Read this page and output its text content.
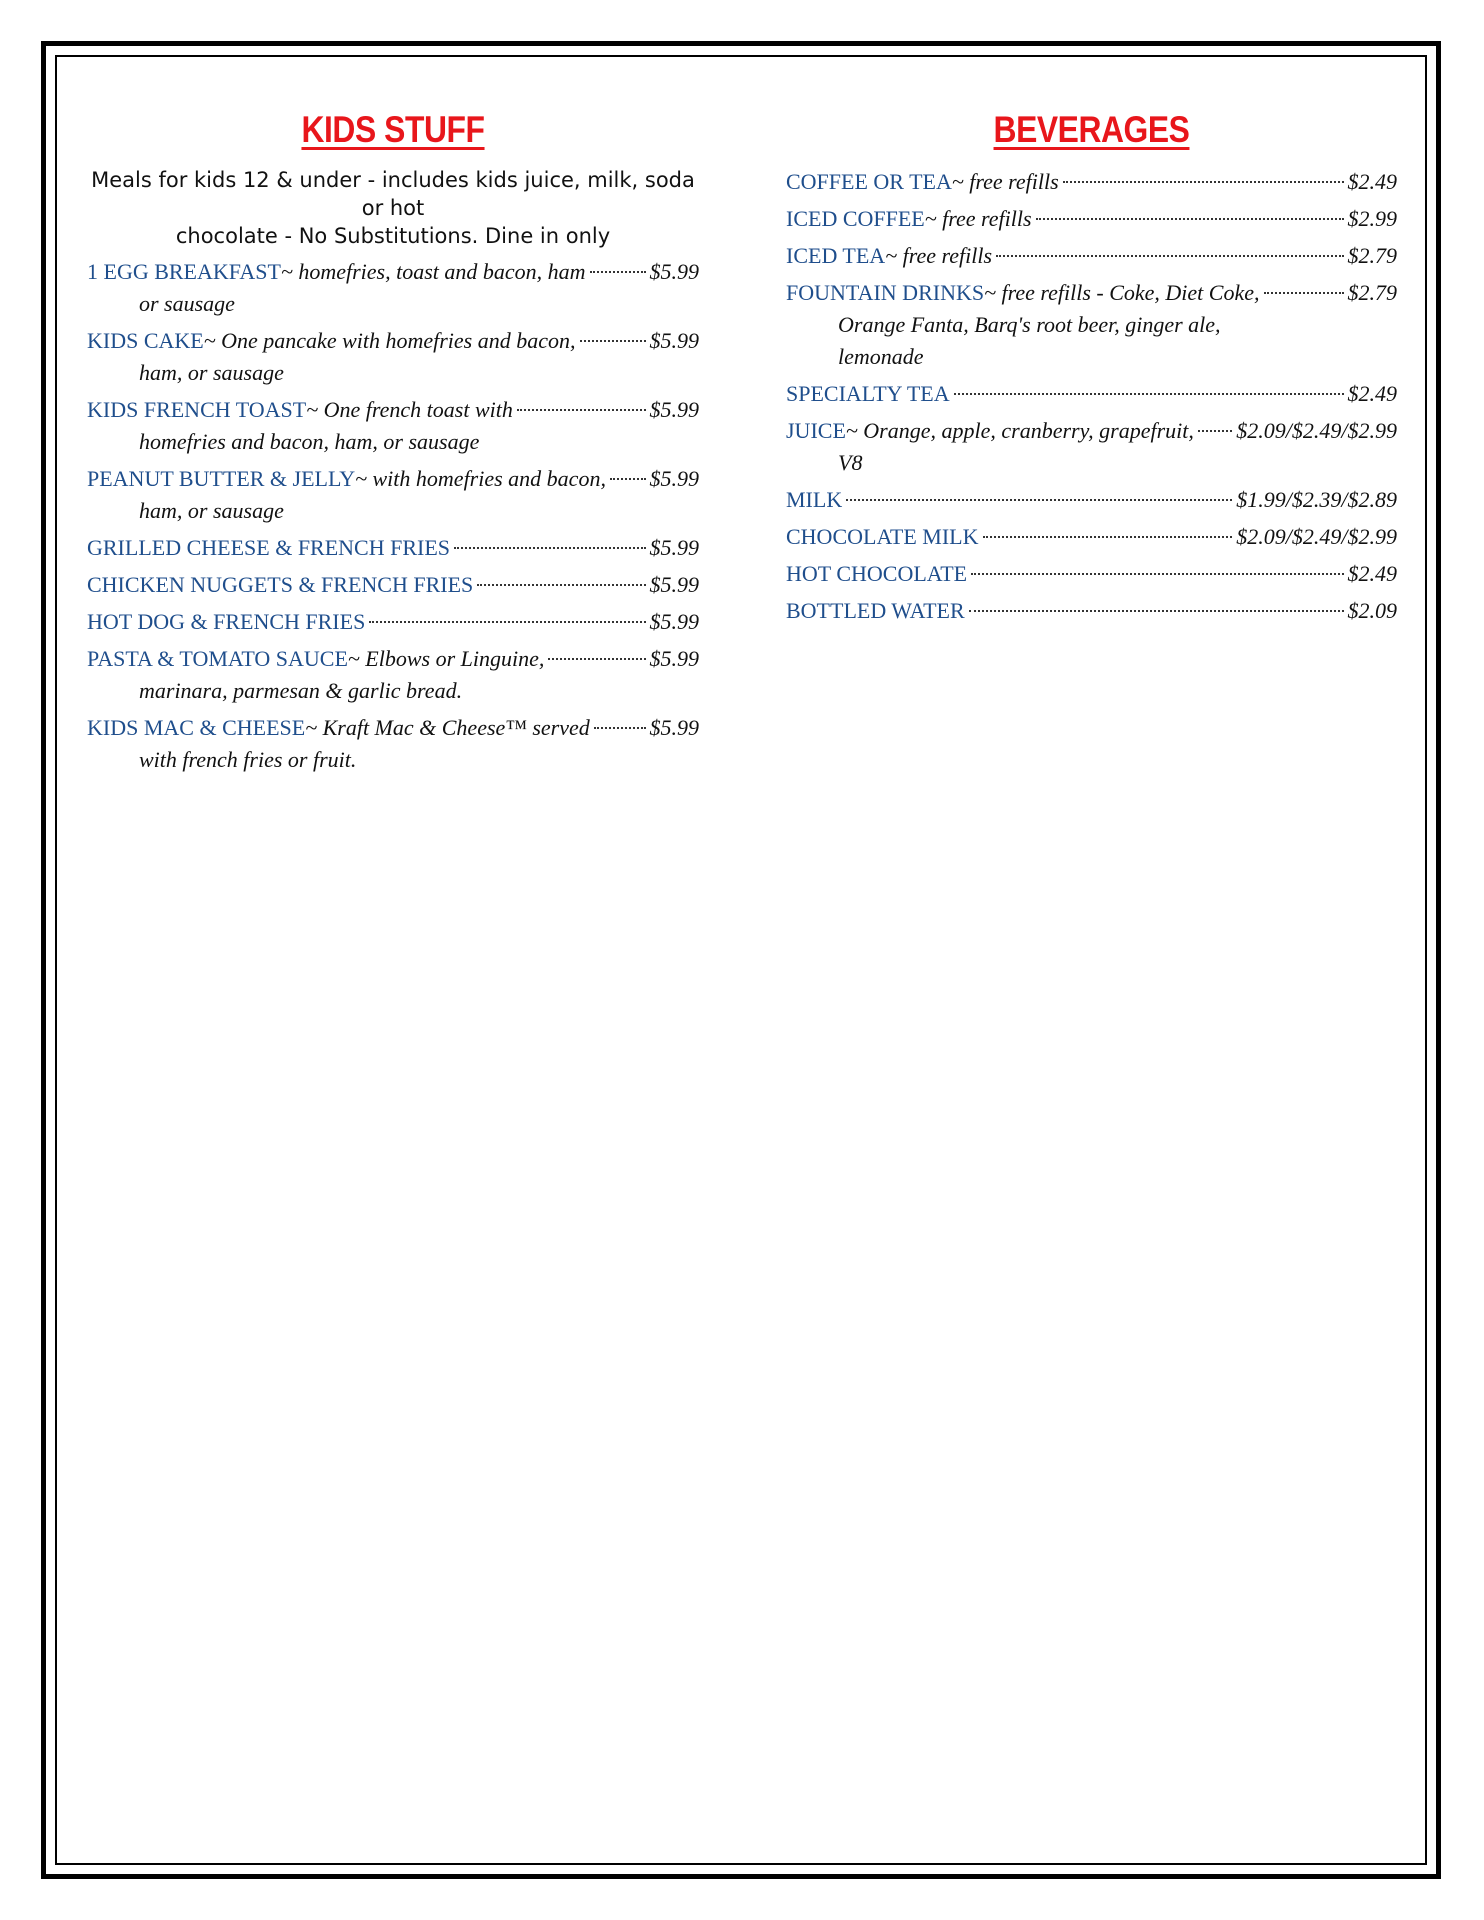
KIDS STUFF
Meals for kids 12 & under - includes kids juice, milk, soda or hot
chocolate - No Substitutions. Dine in only
1 EGG BREAKFAST ~ homefries, toast and bacon, ham	$5.99
or sausage
KIDS CAKE ~ One pancake with homefries and bacon,	$5.99
ham, or sausage
KIDS FRENCH TOAST ~ One french toast with	$5.99
homefries and bacon, ham, or sausage
PEANUT BUTTER & JELLY ~ with homefries and bacon, $5.99
ham, or sausage
GRILLED CHEESE & FRENCH FRIES	$5.99
CHICKEN NUGGETS & FRENCH FRIES	$5.99
HOT DOG & FRENCH FRIES	$5.99
PASTA & TOMATO SAUCE ~ Elbows or Linguine,	$5.99
marinara, parmesan & garlic bread.
KIDS MAC & CHEESE ~ Kraft Mac & Cheese™ served	$5.99
with french fries or fruit.
BEVERAGES
COFFEE OR TEA ~ free refills	$2.49
ICED COFFEE ~ free refills	$2.99
ICED TEA ~ free refills	$2.79
FOUNTAIN DRINKS ~ free refills - Coke, Diet Coke,	$2.79
Orange Fanta, Barq's root beer, ginger ale,
lemonade
SPECIALTY TEA	$2.49
JUICE ~ Orange, apple, cranberry, grapefruit, $2.09/$2.49/$2.99
V8
MILK	$1.99/$2.39/$2.89
CHOCOLATE MILK	$2.09/$2.49/$2.99
HOT CHOCOLATE	$2.49
BOTTLED WATER	$2.09
